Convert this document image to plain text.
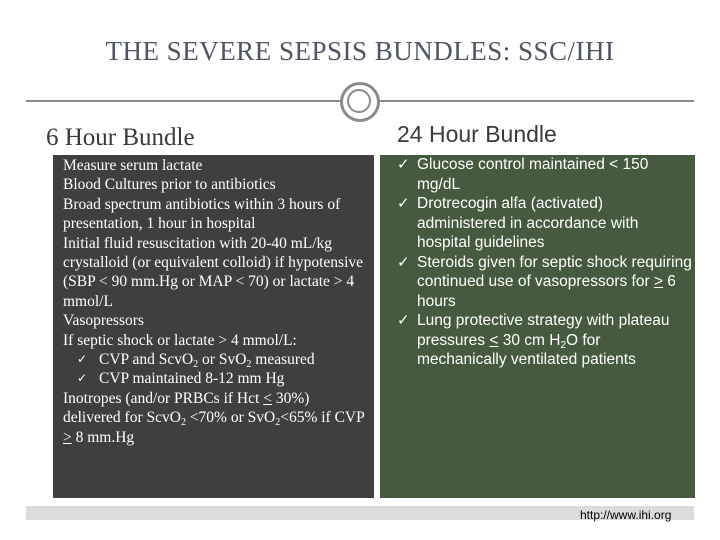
THE SEVERE SEPSIS BUNDLES: SSC/IHI
6 Hour Bundle	24 Hour Bundle
✓ Measure serum lactate
✓ Blood Cultures prior to antibiotics
✓ Broad spectrum antibiotics within 3 hours of presentation, 1 hour in hospital
✓ Initial fluid resuscitation with 20-40 mL/kg crystalloid (or equivalent colloid) if hypotensive (SBP < 90 mm.Hg or MAP < 70) or lactate > 4 mmol/L
✓ Vasopressors
✓ If septic shock or lactate > 4 mmol/L:
✓ CVP and ScvO$_2$ or SvO$_2$ measured
✓ CVP maintained 8-12 mm Hg
✓ Inotropes (and/or PRBCs if Hct < 30%) delivered for ScvO$_2$ <70% or SvO$_2$<65% if CVP > 8 mm.Hg
✓ Glucose control maintained < 150 mg/dL
✓ Drotrecogin alfa (activated) administered in accordance with hospital guidelines
✓ Steroids given for septic shock requiring continued use of vasopressors for > 6 hours
✓ Lung protective strategy with plateau pressures < 30 cm $H_2O$ for mechanically ventilated patients
http://www.ihi.org
